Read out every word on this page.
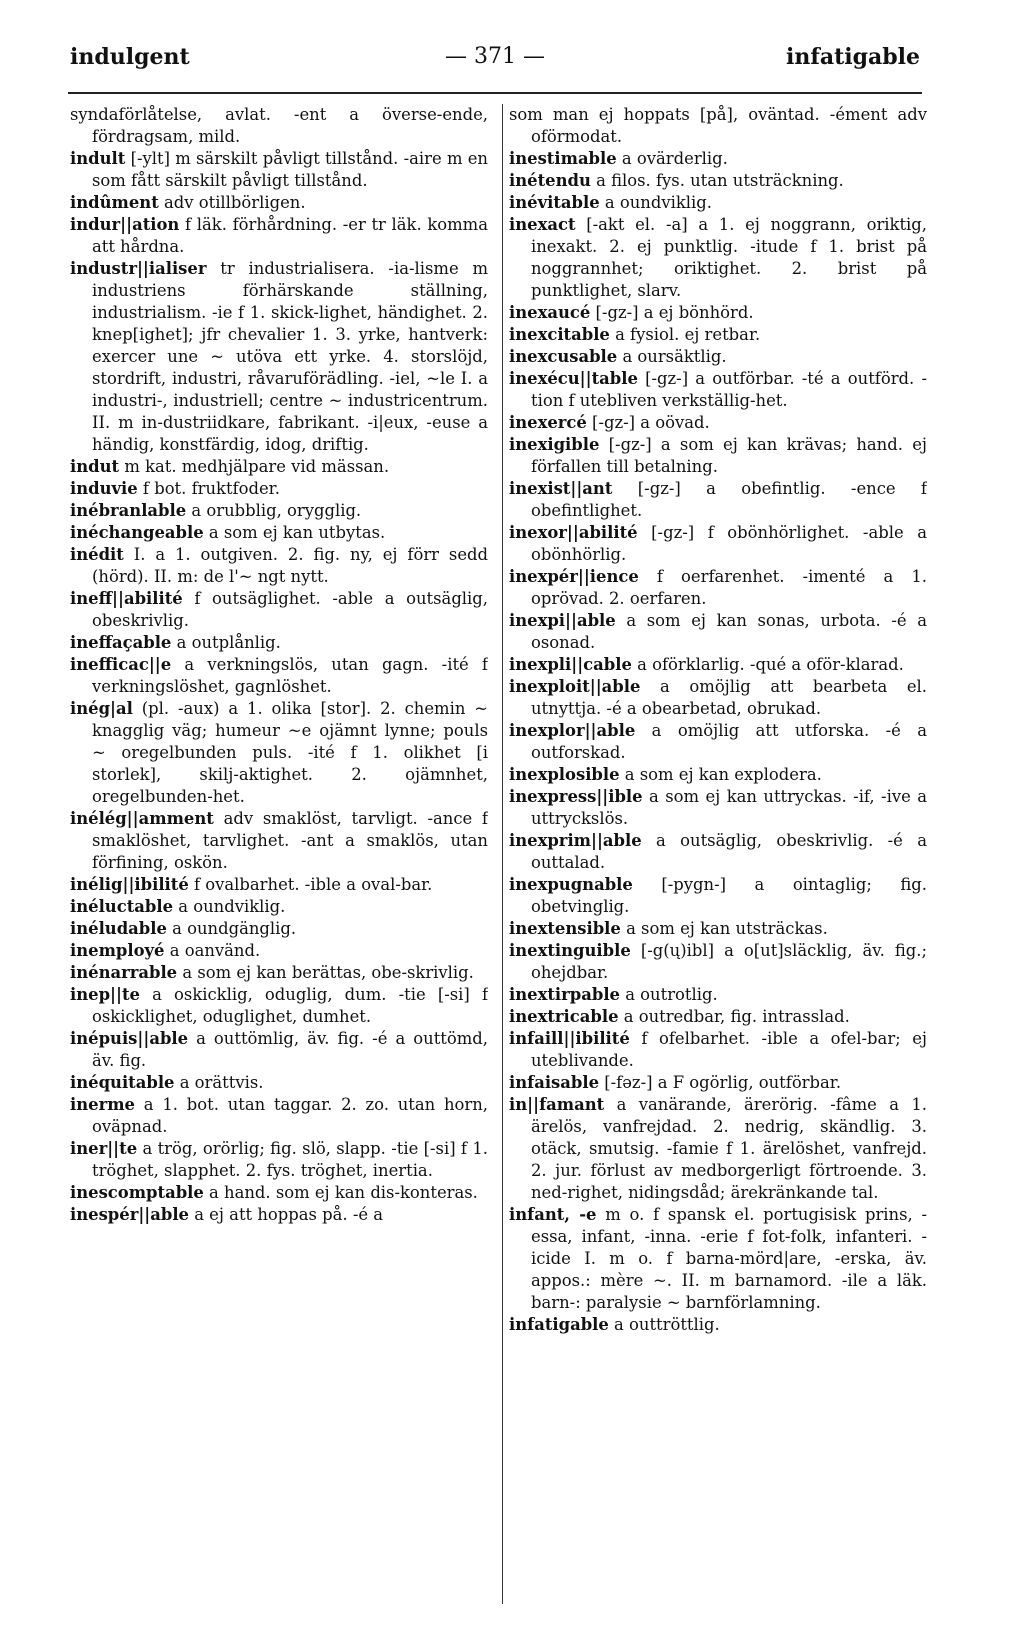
indulgent	— 371 —	infatigable

syndaförlåtelse, avlat. -ent a överse-ende, fördragsam, mild.

indult [-ylt] m särskilt påvligt tillstånd. -aire m en som fått särskilt påvligt tillstånd.

indûment adv otillbörligen.

indur||ation f läk. förhårdning. -er tr läk. komma att hårdna.

industr||ialiser tr industrialisera. -ia-lisme m industriens förhärskande ställning, industrialism. -ie f 1. skick-lighet, händighet. 2. knep[ighet]; jfr chevalier 1. 3. yrke, hantverk: exercer une ~ utöva ett yrke. 4. storslöjd, stordrift, industri, råvaruförädling. -iel, ~le I. a industri-, industriell; centre ~ industricentrum. II. m in-dustriidkare, fabrikant. -i|eux, -euse a händig, konstfärdig, idog, driftig.

indut m kat. medhjälpare vid mässan.

induvie f bot. fruktfoder.

inébranlable a orubblig, orygglig.

inéchangeable a som ej kan utbytas.

inédit I. a 1. outgiven. 2. fig. ny, ej förr sedd (hörd). II. m: de l'~ ngt nytt.

ineff||abilité f outsäglighet. -able a outsäglig, obeskrivlig.

ineffaçable a outplånlig.

inefficac||e a verkningslös, utan gagn. -ité f verkningslöshet, gagnlöshet.

inég|al (pl. -aux) a 1. olika [stor]. 2. chemin ~ knagglig väg; humeur ~e ojämnt lynne; pouls ~ oregelbunden puls. -ité f 1. olikhet [i storlek], skilj-aktighet. 2. ojämnhet, oregelbunden-het.

inélég||amment adv smaklöst, tarvligt. -ance f smaklöshet, tarvlighet. -ant a smaklös, utan förfining, oskön.

inélig||ibilité f ovalbarhet. -ible a oval-bar.

inéluctable a oundviklig.

inéludable a oundgänglig.

inemployé a oanvänd.

inénarrable a som ej kan berättas, obe-skrivlig.

inep||te a oskicklig, oduglig, dum. -tie [-si] f oskicklighet, oduglighet, dumhet.

inépuis||able a outtömlig, äv. fig. -é a outtömd, äv. fig.

inéquitable a orättvis.

inerme a 1. bot. utan taggar. 2. zo. utan horn, oväpnad.

iner||te a trög, orörlig; fig. slö, slapp. -tie [-si] f 1. tröghet, slapphet. 2. fys. tröghet, inertia.

inescomptable a hand. som ej kan dis-konteras.

inespér||able a ej att hoppas på. -é a

som man ej hoppats [på], oväntad. -ément adv oförmodat.

inestimable a ovärderlig.

inétendu a filos. fys. utan utsträckning.

inévitable a oundviklig.

inexact [-akt el. -a] a 1. ej noggrann, oriktig, inexakt. 2. ej punktlig. -itude f 1. brist på noggrannhet; oriktighet. 2. brist på punktlighet, slarv.

inexaucé [-gz-] a ej bönhörd.

inexcitable a fysiol. ej retbar.

inexcusable a oursäktlig.

inexécu||table [-gz-] a outförbar. -té a outförd. -tion f utebliven verkställig-het.

inexercé [-gz-] a oövad.

inexigible [-gz-] a som ej kan krävas; hand. ej förfallen till betalning.

inexist||ant [-gz-] a obefintlig. -ence f obefintlighet.

inexor||abilité [-gz-] f obönhörlighet. -able a obönhörlig.

inexpér||ience f oerfarenhet. -imenté a 1. oprövad. 2. oerfaren.

inexpi||able a som ej kan sonas, urbota. -é a osonad.

inexpli||cable a oförklarlig. -qué a oför-klarad.

inexploit||able a omöjlig att bearbeta el. utnyttja. -é a obearbetad, obrukad.

inexplor||able a omöjlig att utforska. -é a outforskad.

inexplosible a som ej kan explodera.

inexpress||ible a som ej kan uttryckas. -if, -ive a uttryckslös.

inexprim||able a outsäglig, obeskrivlig. -é a outtalad.

inexpugnable [-pygn-] a ointaglig; fig. obetvinglig.

inextensible a som ej kan utsträckas.

inextinguible [-g(ų)ibl] a o[ut]släcklig, äv. fig.; ohejdbar.

inextirpable a outrotlig.

inextricable a outredbar, fig. intrasslad.

infaill||ibilité f ofelbarhet. -ible a ofel-bar; ej uteblivande.

infaisable [-fəz-] a F ogörlig, outförbar.

in||famant a vanärande, ärerörig. -fâme a 1. ärelös, vanfrejdad. 2. nedrig, skändlig. 3. otäck, smutsig. -famie f 1. ärelöshet, vanfrejd. 2. jur. förlust av medborgerligt förtroende. 3. ned-righet, nidingsdåd; ärekränkande tal.

infant, -e m o. f spansk el. portugisisk prins, -essa, infant, -inna. -erie f fot-folk, infanteri. -icide I. m o. f barna-mörd|are, -erska, äv. appos.: mère ~. II. m barnamord. -ile a läk. barn-: paralysie ~ barnförlamning.

infatigable a outtröttlig.
